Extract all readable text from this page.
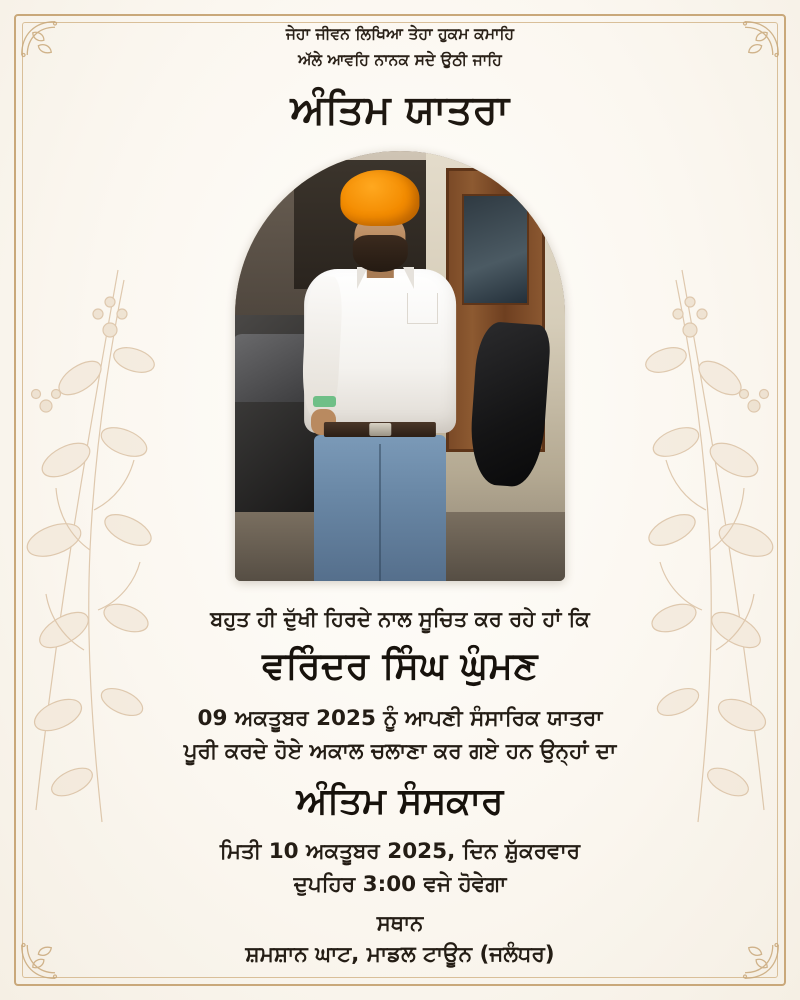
ਜੇਹਾ ਜੀਵਨ ਲਿਖਿਆ ਤੇਹਾ ਹੁਕਮ ਕਮਾਹਿ
ਅੱਲੇ ਆਵਹਿ ਨਾਨਕ ਸਦੇ ਉਠੀ ਜਾਹਿ
ਅੰਤਿਮ ਯਾਤਰਾ
ਬਹੁਤ ਹੀ ਦੁੱਖੀ ਹਿਰਦੇ ਨਾਲ ਸੂਚਿਤ ਕਰ ਰਹੇ ਹਾਂ ਕਿ
ਵਰਿੰਦਰ ਸਿੰਘ ਘੁੰਮਣ
09 ਅਕਤੂਬਰ 2025 ਨੂੰ ਆਪਣੀ ਸੰਸਾਰਿਕ ਯਾਤਰਾ
ਪੂਰੀ ਕਰਦੇ ਹੋਏ ਅਕਾਲ ਚਲਾਣਾ ਕਰ ਗਏ ਹਨ ਉਨ੍ਹਾਂ ਦਾ
ਅੰਤਿਮ ਸੰਸਕਾਰ
ਮਿਤੀ 10 ਅਕਤੂਬਰ 2025, ਦਿਨ ਸ਼ੁੱਕਰਵਾਰ
ਦੁਪਹਿਰ 3:00 ਵਜੇ ਹੋਵੇਗਾ
ਸਥਾਨ
ਸ਼ਮਸ਼ਾਨ ਘਾਟ, ਮਾਡਲ ਟਾਊਨ (ਜਲੰਧਰ)
